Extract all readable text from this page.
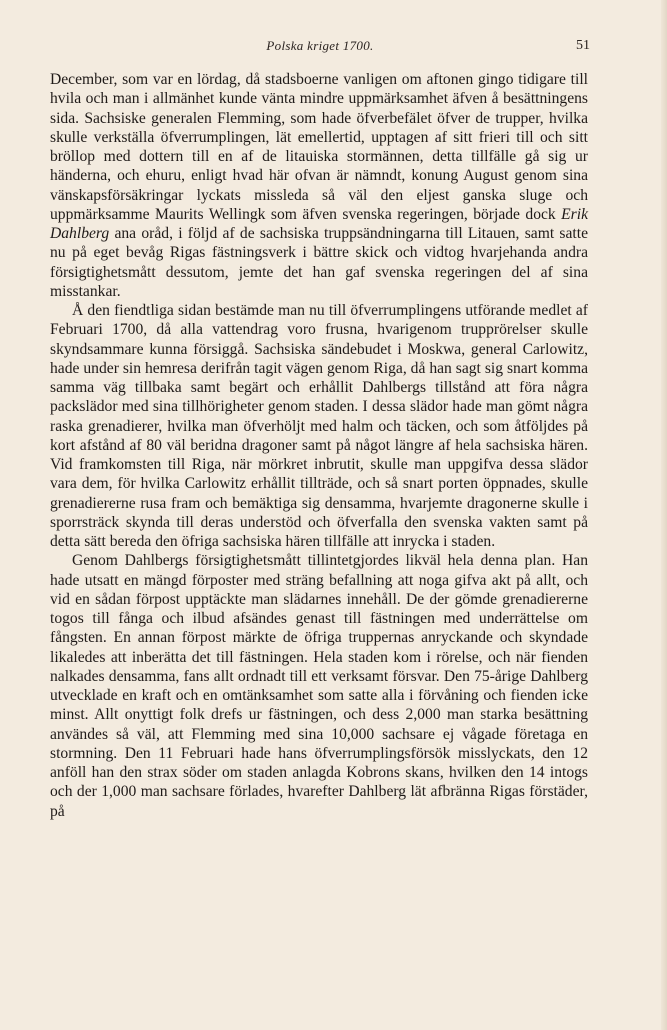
Polska kriget 1700.	51

December, som var en lördag, då stadsboerne vanligen om aftonen gingo tidigare till hvila och man i allmänhet kunde vänta mindre uppmärksamhet äfven å besättningens sida. Sachsiske generalen Flemming, som hade öfverbefälet öfver de trupper, hvilka skulle verkställa öfverrumplingen, lät emellertid, upptagen af sitt frieri till och sitt bröllop med dottern till en af de litauiska stormännen, detta tillfälle gå sig ur händerna, och ehuru, enligt hvad här ofvan är nämndt, konung August genom sina vänskapsförsäkringar lyckats missleda så väl den eljest ganska sluge och uppmärksamme Maurits Wellingk som äfven svenska regeringen, började dock Erik Dahlberg ana oråd, i följd af de sachsiska truppsändningarna till Litauen, samt satte nu på eget bevåg Rigas fästningsverk i bättre skick och vidtog hvarjehanda andra försigtighetsmått dessutom, jemte det han gaf svenska regeringen del af sina misstankar.

Å den fiendtliga sidan bestämde man nu till öfverrumplingens utförande medlet af Februari 1700, då alla vattendrag voro frusna, hvarigenom trupprörelser skulle skyndsammare kunna försiggå. Sachsiska sändebudet i Moskwa, general Carlowitz, hade under sin hemresa derifrån tagit vägen genom Riga, då han sagt sig snart komma samma väg tillbaka samt begärt och erhållit Dahlbergs tillstånd att föra några packslädor med sina tillhörigheter genom staden. I dessa slädor hade man gömt några raska grenadierer, hvilka man öfverhöljt med halm och täcken, och som åtföljdes på kort afstånd af 80 väl beridna dragoner samt på något längre af hela sachsiska hären. Vid framkomsten till Riga, när mörkret inbrutit, skulle man uppgifva dessa slädor vara dem, för hvilka Carlowitz erhållit tillträde, och så snart porten öppnades, skulle grenadiererne rusa fram och bemäktiga sig densamma, hvarjemte dragonerne skulle i sporrsträck skynda till deras understöd och öfverfalla den svenska vakten samt på detta sätt bereda den öfriga sachsiska hären tillfälle att inrycka i staden.

Genom Dahlbergs försigtighetsmått tillintetgjordes likväl hela denna plan. Han hade utsatt en mängd förposter med sträng befallning att noga gifva akt på allt, och vid en sådan förpost upptäckte man slädarnes innehåll. De der gömde grenadiererne togos till fånga och ilbud afsändes genast till fästningen med underrättelse om fångsten. En annan förpost märkte de öfriga truppernas anryckande och skyndade likaledes att inberätta det till fästningen. Hela staden kom i rörelse, och när fienden nalkades densamma, fans allt ordnadt till ett verksamt försvar. Den 75-årige Dahlberg utvecklade en kraft och en omtänksamhet som satte alla i förvåning och fienden icke minst. Allt onyttigt folk drefs ur fästningen, och dess 2,000 man starka besättning användes så väl, att Flemming med sina 10,000 sachsare ej vågade företaga en stormning. Den 11 Februari hade hans öfverrumplingsförsök misslyckats, den 12 anföll han den strax söder om staden anlagda Kobrons skans, hvilken den 14 intogs och der 1,000 man sachsare förlades, hvarefter Dahlberg lät afbränna Rigas förstäder, på
